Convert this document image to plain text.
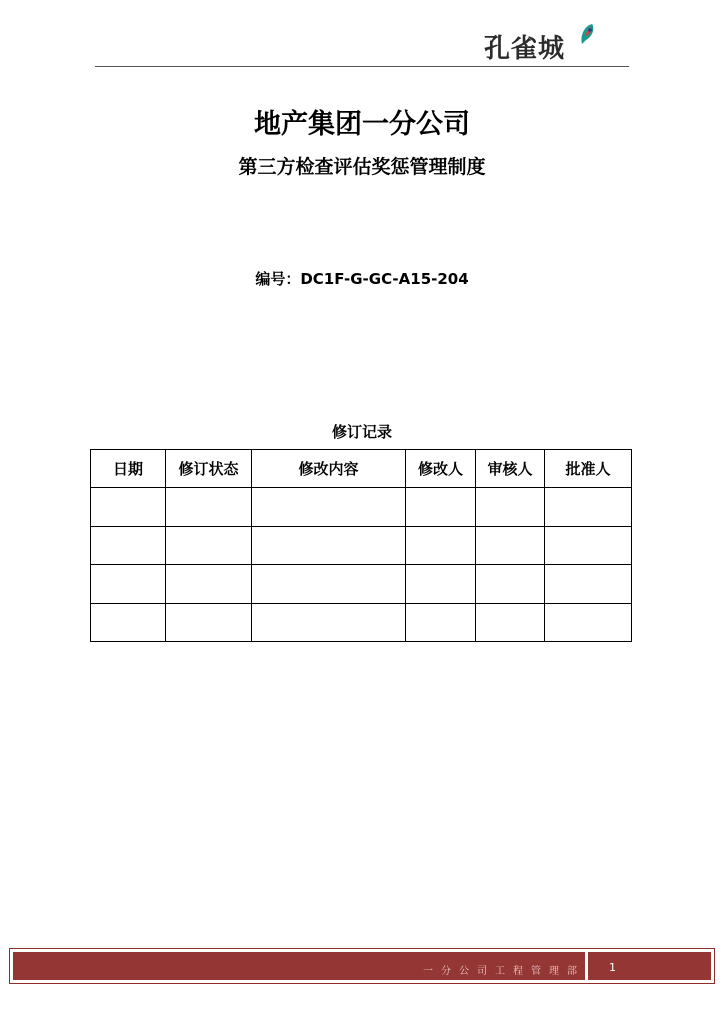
孔雀城
地产集团一分公司
第三方检查评估奖惩管理制度
编号：DC1F-G-GC-A15-204
修订记录
日期	修订状态	修改内容	修改人	审核人	批准人

一分公司工程管理部 1
